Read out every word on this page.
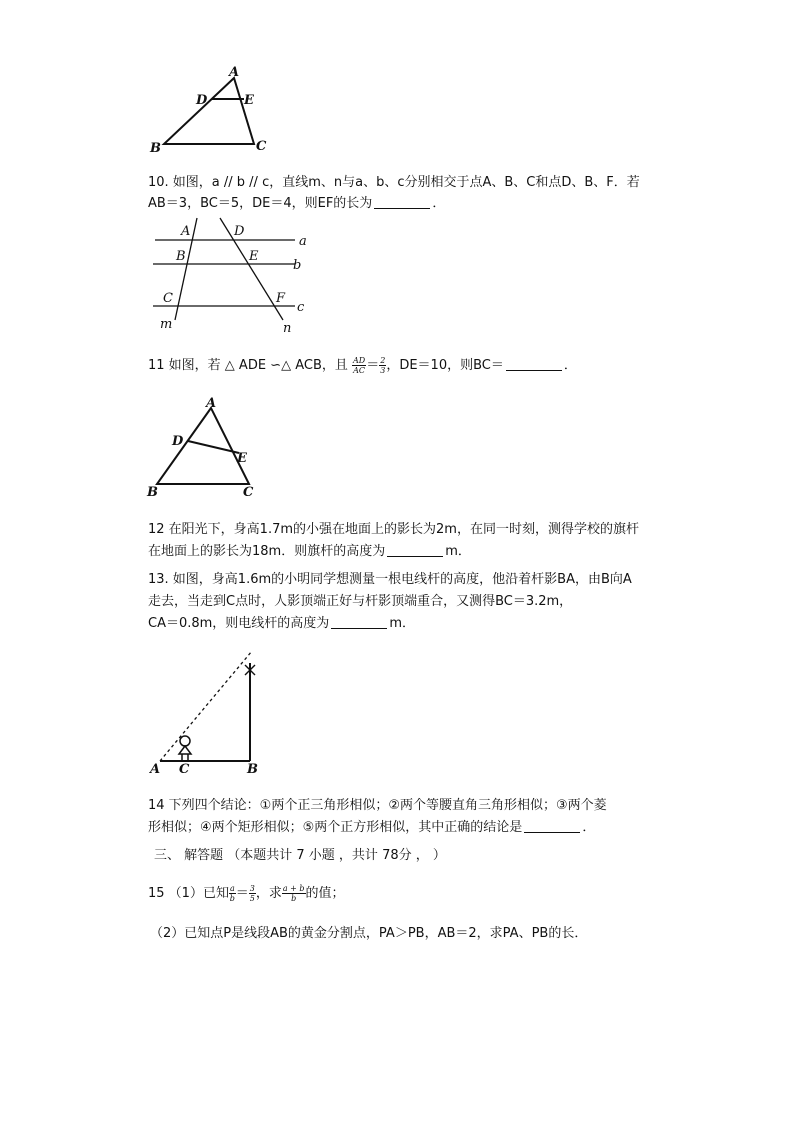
A
D	E
B	C
10. 如图，a // b // c，直线m、n与a、b、c分别相交于点A、B、C和点D、B、F．若
AB＝3，BC＝5，DE＝4，则EF的长为	．
A	D
a
B	E
b
C	F
c
m	n
11 如图，若 △ ADE ∽△ ACB，且 $\frac{AD}{AC} = \frac{2}{3}$ ，DE＝10，则BC＝	．
A
D
E
B	C
12 在阳光下，身高1.7m的小强在地面上的影长为2m，在同一时刻，测得学校的旗杆
在地面上的影长为18m．则旗杆的高度为	m．
13. 如图，身高1.6m的小明同学想测量一根电线杆的高度，他沿着杆影BA，由B向A
走去，当走到C点时，人影顶端正好与杆影顶端重合，又测得BC＝3.2m，
CA＝0.8m，则电线杆的高度为	m．
A C	B
14 下列四个结论：①两个正三角形相似；②两个等腰直角三角形相似；③两个菱
形相似；④两个矩形相似；⑤两个正方形相似，其中正确的结论是	．
三、 解答题 （本题共计 7 小题 ，共计 78分 ， ）
15 （1）已知 $\frac{a}{b} = \frac{3}{5}$ ，求 $\frac{a + b}{b}$ 的值；
（2）已知点P是线段AB的黄金分割点，PA＞PB，AB＝2，求PA、PB的长．
